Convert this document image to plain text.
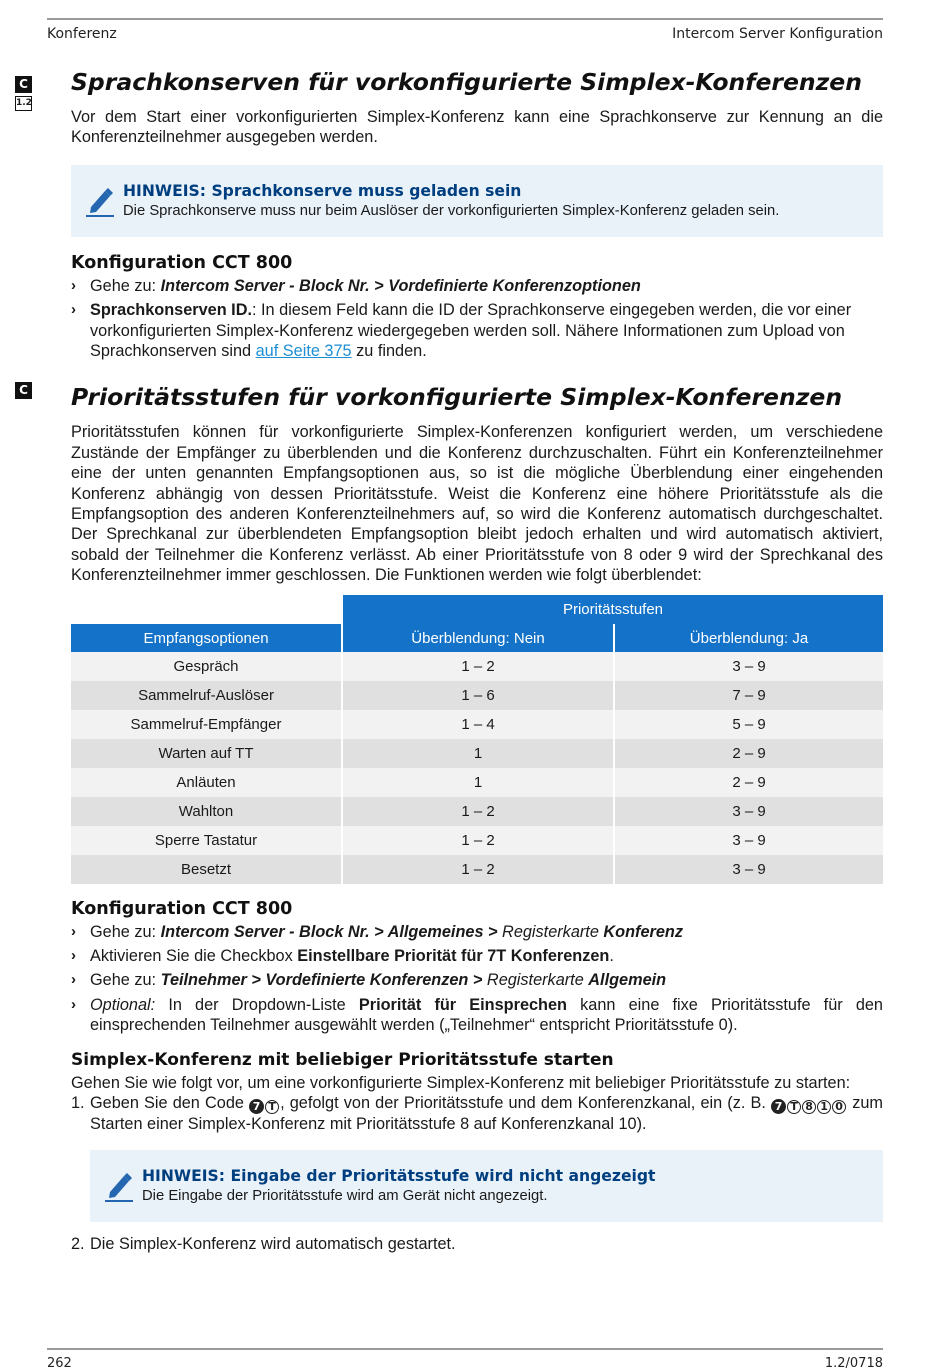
Konferenz	Intercom Server Konfiguration
C
1.2
C
Sprachkonserven für vorkonfigurierte Simplex-Konferenzen

Vor dem Start einer vorkonfigurierten Simplex-Konferenz kann eine Sprachkonserve zur Kennung an die Konferenzteilnehmer ausgegeben werden.

HINWEIS: Sprachkonserve muss geladen sein
Die Sprachkonserve muss nur beim Auslöser der vorkonfigurierten Simplex-Konferenz geladen sein.
Konfiguration CCT 800
› Gehe zu: Intercom Server - Block Nr. > Vordefinierte Konferenzoptionen
› Sprachkonserven ID.: In diesem Feld kann die ID der Sprachkonserve eingegeben werden, die vor einer vorkonfigurierten Simplex-Konferenz wiedergegeben werden soll. Nähere Informationen zum Upload von Sprachkonserven sind auf Seite 375 zu finden.
Prioritätsstufen für vorkonfigurierte Simplex-Konferenzen

Prioritätsstufen können für vorkonfigurierte Simplex-Konferenzen konfiguriert werden, um verschiedene Zustände der Empfänger zu überblenden und die Konferenz durchzuschalten. Führt ein Konferenzteilnehmer eine der unten genannten Empfangsoptionen aus, so ist die mögliche Überblendung einer eingehenden Konferenz abhängig von dessen Prioritätsstufe. Weist die Konferenz eine höhere Prioritätsstufe als die Empfangsoption des anderen Konferenzteilnehmers auf, so wird die Konferenz automatisch durchgeschaltet. Der Sprechkanal zur überblendeten Empfangsoption bleibt jedoch erhalten und wird automatisch aktiviert, sobald der Teilnehmer die Konferenz verlässt. Ab einer Prioritätsstufe von 8 oder 9 wird der Sprechkanal des Konferenzteilnehmer immer geschlossen. Die Funktionen werden wie folgt überblendet:

	Prioritätsstufen	
Empfangsoptionen	Überblendung: Nein	Überblendung: Ja
Gespräch	1 – 2	3 – 9
Sammelruf-Auslöser	1 – 6	7 – 9
Sammelruf-Empfänger	1 – 4	5 – 9
Warten auf TT	1	2 – 9
Anläuten	1	2 – 9
Wahlton	1 – 2	3 – 9
Sperre Tastatur	1 – 2	3 – 9
Besetzt	1 – 2	3 – 9
Konfiguration CCT 800
› Gehe zu: Intercom Server - Block Nr. > Allgemeines > Registerkarte Konferenz
› Aktivieren Sie die Checkbox Einstellbare Priorität für 7T Konferenzen.
› Gehe zu: Teilnehmer > Vordefinierte Konferenzen > Registerkarte Allgemein
› Optional: In der Dropdown-Liste Priorität für Einsprechen kann eine fixe Prioritätsstufe für den einsprechenden Teilnehmer ausgewählt werden („Teilnehmer“ entspricht Prioritätsstufe 0).
Simplex-Konferenz mit beliebiger Prioritätsstufe starten

Gehen Sie wie folgt vor, um eine vorkonfigurierte Simplex-Konferenz mit beliebiger Prioritätsstufe zu starten:

1. Geben Sie den Code 7 T , gefolgt von der Prioritätsstufe und dem Konferenzkanal, ein (z. B. 7 T 8 1 0 zum Starten einer Simplex-Konferenz mit Prioritätsstufe 8 auf Konferenzkanal 10).
HINWEIS: Eingabe der Prioritätsstufe wird nicht angezeigt
Die Eingabe der Prioritätsstufe wird am Gerät nicht angezeigt.
2. Die Simplex-Konferenz wird automatisch gestartet.
262	1.2/0718
